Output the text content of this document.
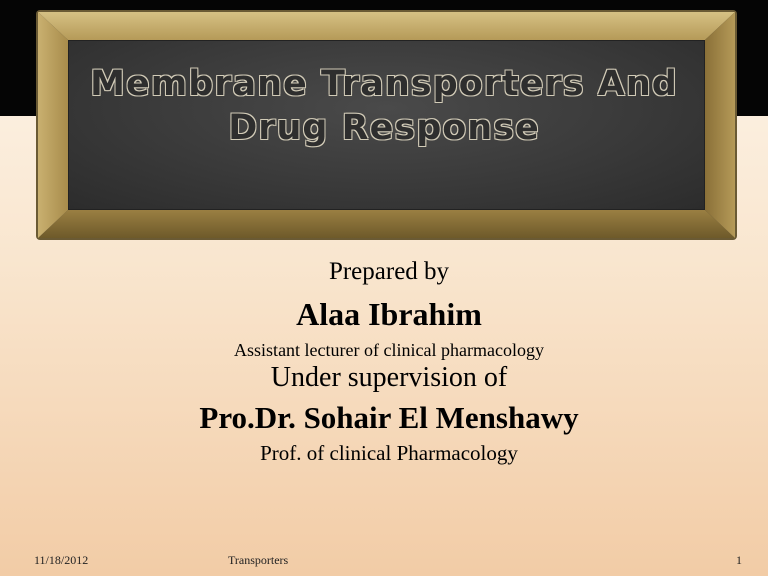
Membrane Transporters And
Drug Response
Prepared by
Alaa Ibrahim
Assistant lecturer of clinical pharmacology
Under supervision of
Pro.Dr. Sohair El Menshawy
Prof. of clinical Pharmacology
11/18/2012	Transporters	1
